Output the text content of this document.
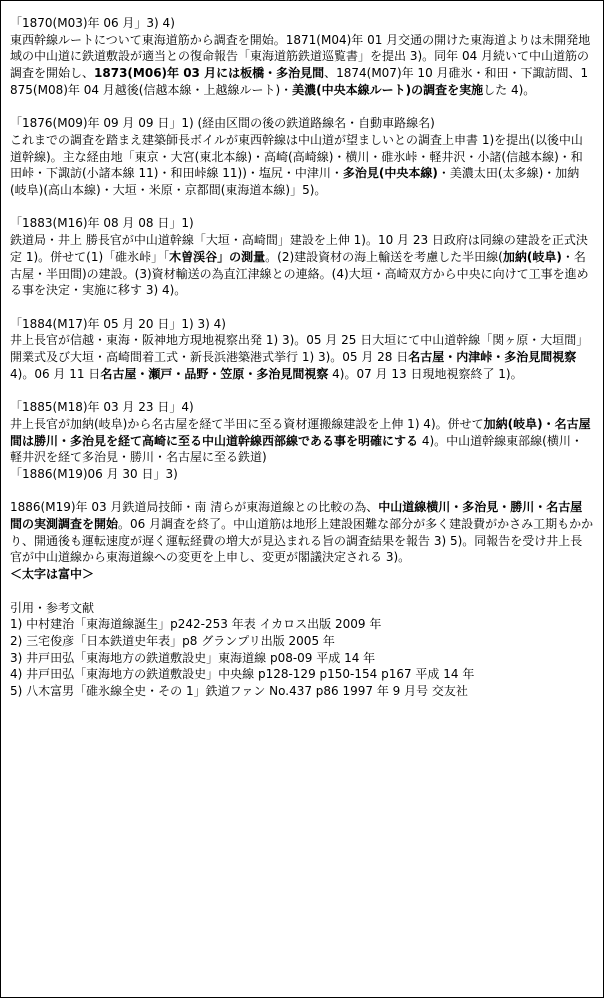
「1870(M03)年 06 月」3) 4)
東西幹線ルートについて東海道筋から調査を開始。1871(M04)年 01 月交通の開けた東海道よりは未開発地域の中山道に鉄道敷設が適当との復命報告「東海道筋鉄道巡覧書」を提出 3)。同年 04 月続いて中山道筋の調査を開始し、1873(M06)年 03 月には板橋・多治見間、1874(M07)年 10 月碓氷・和田・下諏訪間、1875(M08)年 04 月越後(信越本線・上越線ルート)・美濃(中央本線ルート)の調査を実施した 4)。
「1876(M09)年 09 月 09 日」1) (経由区間の後の鉄道路線名・自動車路線名)
これまでの調査を踏まえ建築師長ボイルが東西幹線は中山道が望ましいとの調査上申書 1)を提出(以後中山道幹線)。主な経由地「東京・大宮(東北本線)・高崎(高崎線)・横川・碓氷峠・軽井沢・小諸(信越本線)・和田峠・下諏訪(小諸本線 11)・和田峠線 11))・塩尻・中津川・多治見(中央本線)・美濃太田(太多線)・加納(岐阜)(高山本線)・大垣・米原・京都間(東海道本線)」5)。
「1883(M16)年 08 月 08 日」1)
鉄道局・井上 勝長官が中山道幹線「大垣・高崎間」建設を上伸 1)。10 月 23 日政府は同線の建設を正式決定 1)。併せて(1)「碓氷峠」「木曽渓谷」の測量。(2)建設資材の海上輸送を考慮した半田線(加納(岐阜)・名古屋・半田間)の建設。(3)資材輸送の為直江津線との連絡。(4)大垣・高崎双方から中央に向けて工事を進める事を決定・実施に移す 3) 4)。
「1884(M17)年 05 月 20 日」1) 3) 4)
井上長官が信越・東海・阪神地方現地視察出発 1) 3)。05 月 25 日大垣にて中山道幹線「関ヶ原・大垣間」開業式及び大垣・高崎間着工式・新長浜港築港式挙行 1) 3)。05 月 28 日名古屋・内津峠・多治見間視察 4)。06 月 11 日名古屋・瀬戸・品野・笠原・多治見間視察 4)。07 月 13 日現地視察終了 1)。
「1885(M18)年 03 月 23 日」4)
井上長官が加納(岐阜)から名古屋を経て半田に至る資材運搬線建設を上伸 1) 4)。併せて加納(岐阜)・名古屋間は勝川・多治見を経て高崎に至る中山道幹線西部線である事を明確にする 4)。中山道幹線東部線(横川・軽井沢を経て多治見・勝川・名古屋に至る鉄道)
「1886(M19)06 月 30 日」3)
1886(M19)年 03 月鉄道局技師・南 清らが東海道線との比較の為、中山道線横川・多治見・勝川・名古屋間の実測調査を開始。06 月調査を終了。中山道筋は地形上建設困難な部分が多く建設費がかさみ工期もかかり、開通後も運転速度が遅く運転経費の増大が見込まれる旨の調査結果を報告 3) 5)。同報告を受け井上長官が中山道線から東海道線への変更を上申し、変更が閣議決定される 3)。
＜太字は富中＞
引用・参考文献
1) 中村建治「東海道線誕生」p242-253 年表 イカロス出版 2009 年
2) 三宅俊彦「日本鉄道史年表」p8 グランプリ出版 2005 年
3) 井戸田弘「東海地方の鉄道敷設史」東海道線 p08-09 平成 14 年
4) 井戸田弘「東海地方の鉄道敷設史」中央線 p128-129 p150-154 p167 平成 14 年
5) 八木富男「碓氷線全史・その 1」鉄道ファン No.437 p86 1997 年 9 月号 交友社
